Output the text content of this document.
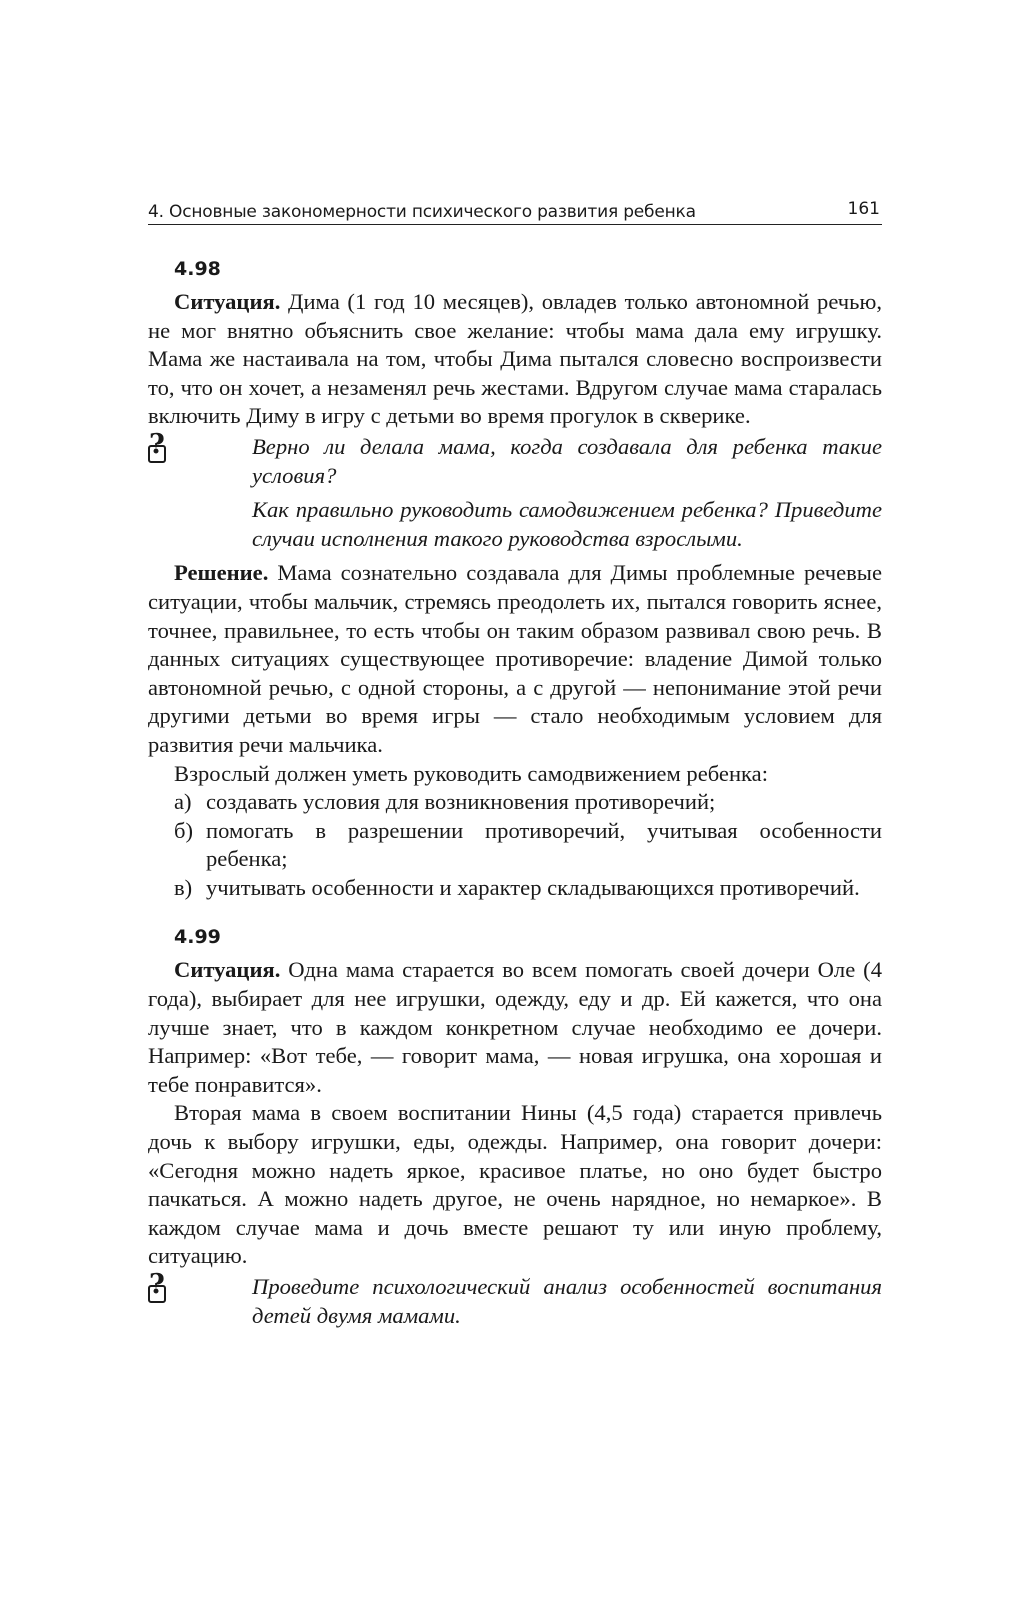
4. Основные закономерности психического развития ребенка	161
4.98

Ситуация. Дима (1 год 10 месяцев), овладев только автономной речью, не мог внятно объяснить свое желание: чтобы мама дала ему игрушку. Мама же настаивала на том, чтобы Дима пытался словесно воспроизвести то, что он хочет, а незаменял речь жестами. Вдругом случае мама старалась включить Диму в игру с детьми во время прогулок в скверике.

?	Верно ли делала мама, когда создавала для ребенка такие условия?

Как правильно руководить самодвижением ребенка? Приведите случаи исполнения такого руководства взрослыми.

Решение. Мама сознательно создавала для Димы проблемные речевые ситуации, чтобы мальчик, стремясь преодолеть их, пытался говорить яснее, точнее, правильнее, то есть чтобы он таким образом развивал свою речь. В данных ситуациях существующее противоречие: владение Димой только автономной речью, с одной стороны, а с другой — непонимание этой речи другими детьми во время игры — стало необходимым условием для развития речи мальчика.

Взрослый должен уметь руководить самодвижением ребенка:

а) создавать условия для возникновения противоречий;
б) помогать в разрешении противоречий, учитывая особенности ребенка;
в) учитывать особенности и характер складывающихся противоречий.
4.99

Ситуация. Одна мама старается во всем помогать своей дочери Оле (4 года), выбирает для нее игрушки, одежду, еду и др. Ей кажется, что она лучше знает, что в каждом конкретном случае необходимо ее дочери. Например: «Вот тебе, — говорит мама, — новая игрушка, она хорошая и тебе понравится».

Вторая мама в своем воспитании Нины (4,5 года) старается привлечь дочь к выбору игрушки, еды, одежды. Например, она говорит дочери: «Сегодня можно надеть яркое, красивое платье, но оно будет быстро пачкаться. А можно надеть другое, не очень нарядное, но немаркое». В каждом случае мама и дочь вместе решают ту или иную проблему, ситуацию.

?	Проведите психологический анализ особенностей воспитания детей двумя мамами.
